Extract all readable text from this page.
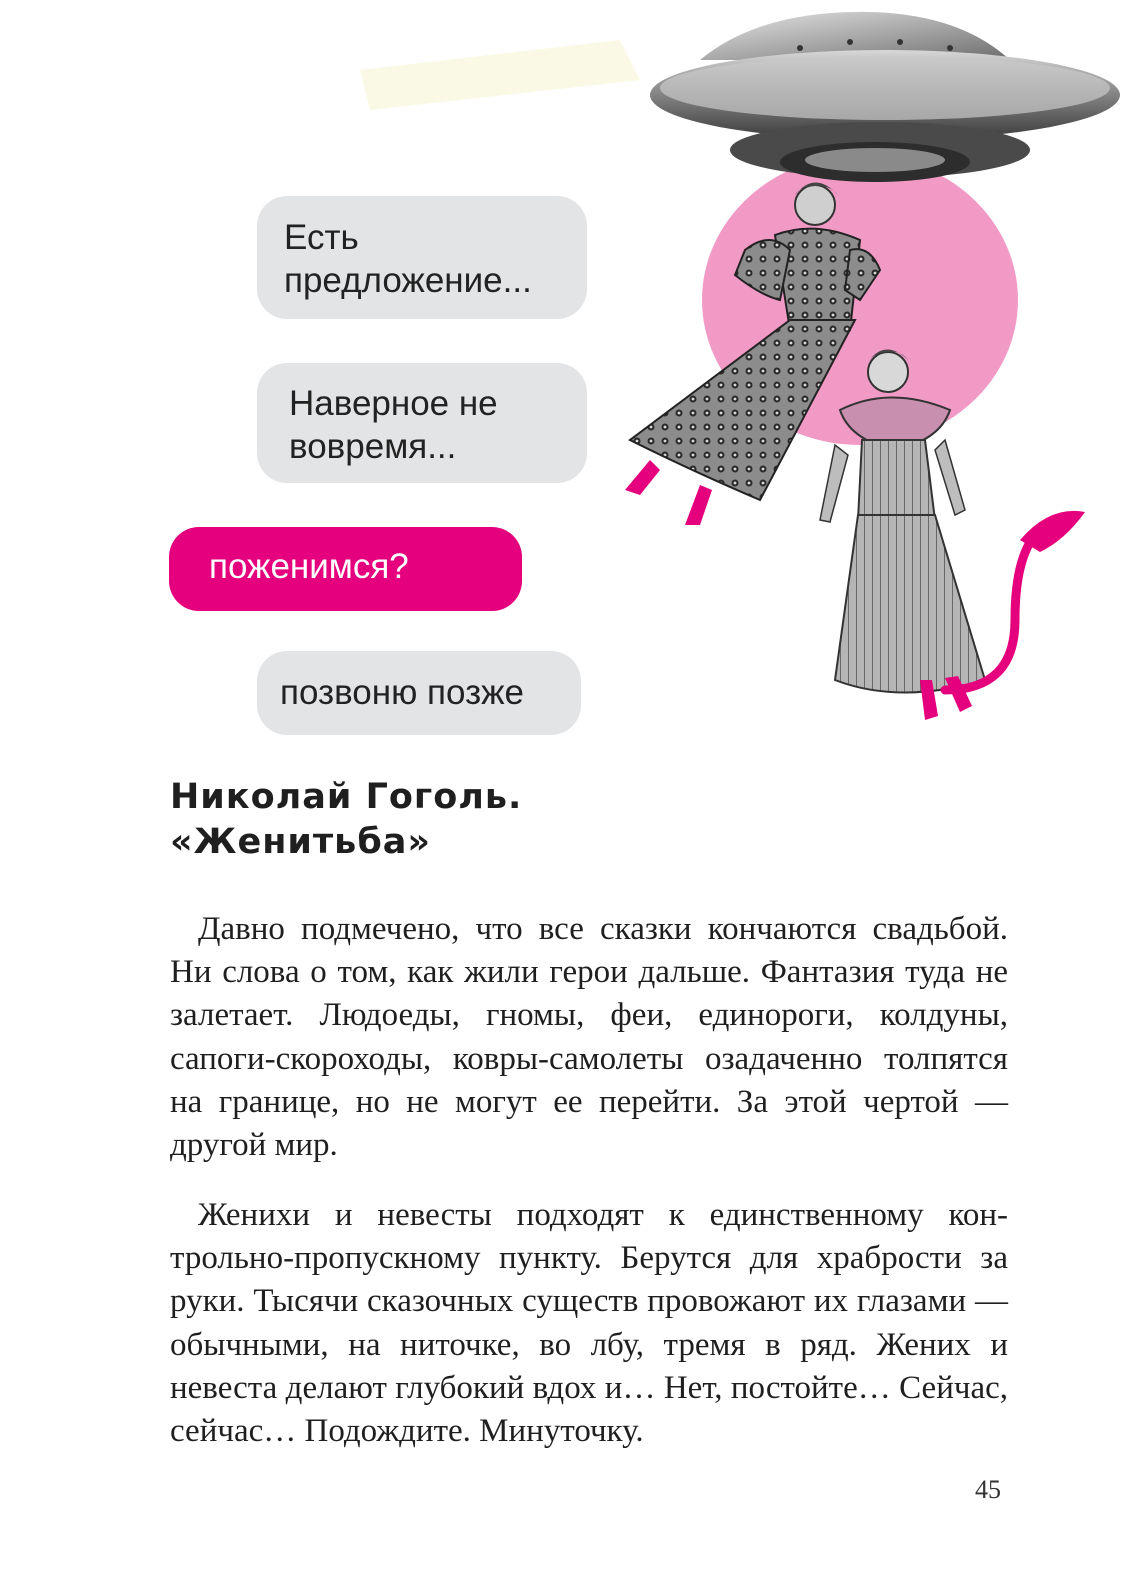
Есть
предложение...
Наверное не
вовремя...
поженимся?
позвоню позже
Николай Гоголь.
«Женитьба»

Давно подмечено, что все сказки кончаются свадьбой. Ни слова о том, как жили герои дальше. Фантазия туда не залетает. Людоеды, гномы, феи, единороги, колдуны, сапоги-скороходы, ковры-самолеты озадаченно толпятся на границе, но не могут ее перейти. За этой чертой — другой мир.

Женихи и невесты подходят к единственному контрольно-пропускному пункту. Берутся для храбрости за руки. Тысячи сказочных существ провожают их глазами — обычными, на ниточке, во лбу, тремя в ряд. Жених и невеста делают глубокий вдох и… Нет, постойте… Сейчас, сейчас… Подождите. Минуточку.

45
